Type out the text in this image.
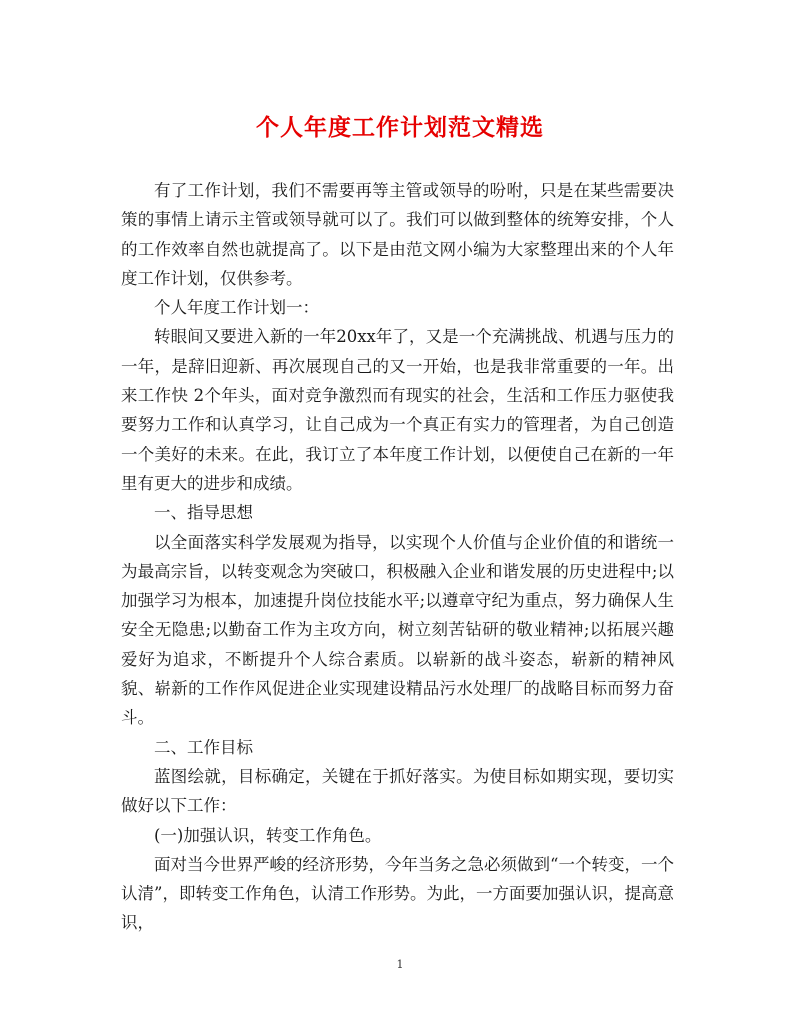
个人年度工作计划范文精选

有了工作计划，我们不需要再等主管或领导的吩咐，只是在某些需要决策的事情上请示主管或领导就可以了。我们可以做到整体的统筹安排，个人的工作效率自然也就提高了。以下是由范文网小编为大家整理出来的个人年度工作计划，仅供参考。

个人年度工作计划一：

转眼间又要进入新的一年20xx年了，又是一个充满挑战、机遇与压力的一年，是辞旧迎新、再次展现自己的又一开始，也是我非常重要的一年。出来工作快 2个年头，面对竞争激烈而有现实的社会，生活和工作压力驱使我要努力工作和认真学习，让自己成为一个真正有实力的管理者，为自己创造一个美好的未来。在此，我订立了本年度工作计划，以便使自己在新的一年里有更大的进步和成绩。

一、指导思想

以全面落实科学发展观为指导，以实现个人价值与企业价值的和谐统一为最高宗旨，以转变观念为突破口，积极融入企业和谐发展的历史进程中;以加强学习为根本，加速提升岗位技能水平;以遵章守纪为重点，努力确保人生安全无隐患;以勤奋工作为主攻方向，树立刻苦钻研的敬业精神;以拓展兴趣爱好为追求，不断提升个人综合素质。以崭新的战斗姿态，崭新的精神风貌、崭新的工作作风促进企业实现建设精品污水处理厂的战略目标而努力奋斗。

二、工作目标

蓝图绘就，目标确定，关键在于抓好落实。为使目标如期实现，要切实做好以下工作：

(一)加强认识，转变工作角色。

面对当今世界严峻的经济形势，今年当务之急必须做到“一个转变，一个认清”，即转变工作角色，认清工作形势。为此，一方面要加强认识，提高意识，

1
